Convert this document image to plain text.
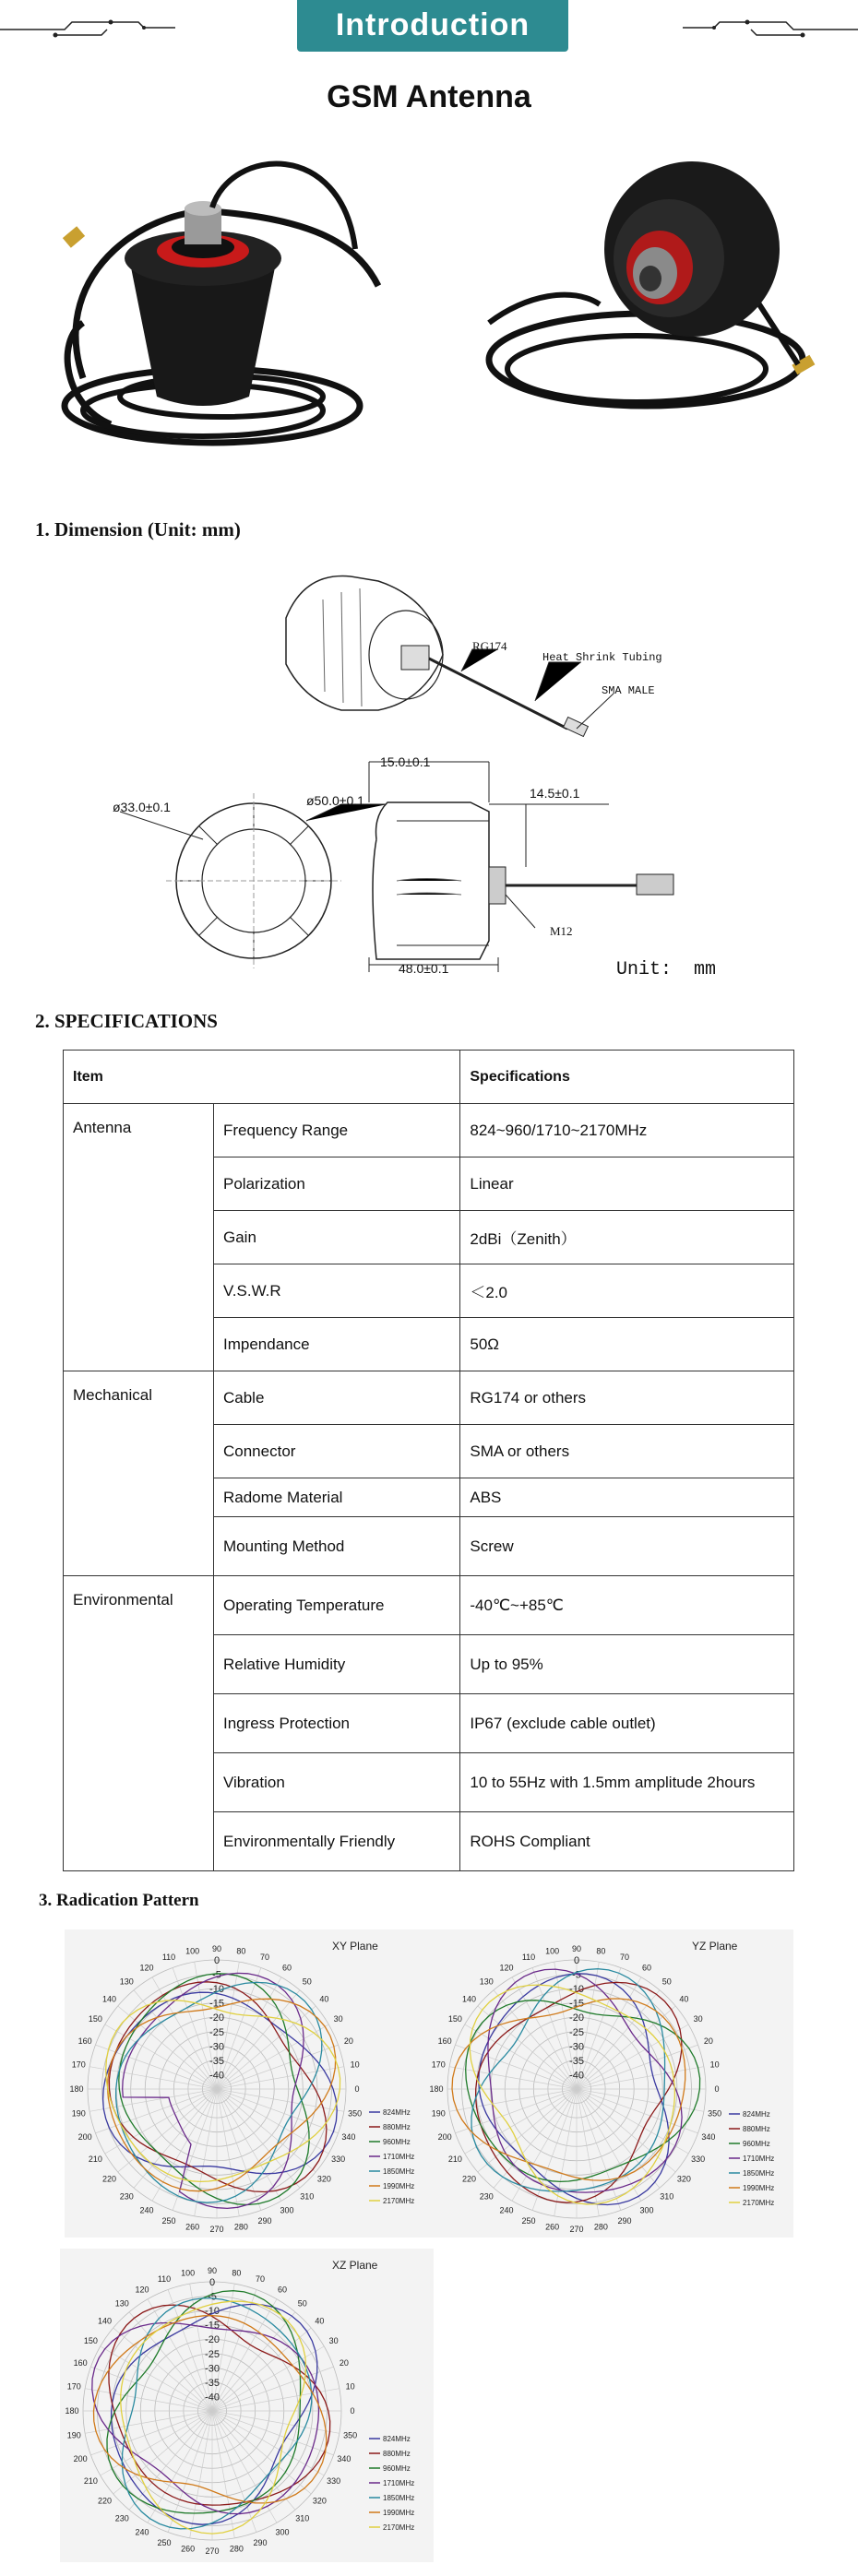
Introduction
GSM Antenna
1. Dimension (Unit: mm)
RG174
Heat Shrink Tubing
SMA MALE
15.0±0.1
14.5±0.1
ø33.0±0.1	ø50.0±0.1
M12
48.0±0.1	Unit:  mm
2. SPECIFICATIONS
Item		Specifications
Antenna	Frequency Range	824~960/1710~2170MHz
	Polarization	Linear
	Gain	2dBi（Zenith）
	V.S.W.R	＜2.0
	Impendance	50Ω
Mechanical	Cable	RG174 or others
	Connector	SMA or others
	Radome Material	ABS
	Mounting Method	Screw
Environmental	Operating Temperature	-40℃~+85℃
	Relative Humidity	Up to 95%
	Ingress Protection	IP67 (exclude cable outlet)
	Vibration	10 to 55Hz with 1.5mm amplitude 2hours
	Environmentally Friendly	ROHS Compliant
3. Radication Pattern
0
10
20
30
40
50
60
70
80
90
100
110
120
130
140
150
160
170
180
190
200
210
220
230
240
250
260 270 280
290
300
310
320
330
340
350
0
-5
-10
-15
-20
-25
-30
-35
-40
XY Plane
824MHz
880MHz
960MHz
1710MHz
1850MHz
1990MHz
2170MHz
0
10
20
30
40
50
60
70
80
90
100
110
120
130
140
150
160
170
180
190
200
210
220
230
240
250
260 270 280
290
300
310
320
330
340
350
0
-5
-10
-15
-20
-25
-30
-35
-40
YZ Plane
824MHz
880MHz
960MHz
1710MHz
1850MHz
1990MHz
2170MHz
0
10
20
30
40
50
60
70
80
90
100
110
120
130
140
150
160
170
180
190
200
210
220
230
240
250
260 270 280
290
300
310
320
330
340
350
0
-5
-10
-15
-20
-25
-30
-35
-40
XZ Plane
824MHz
880MHz
960MHz
1710MHz
1850MHz
1990MHz
2170MHz
